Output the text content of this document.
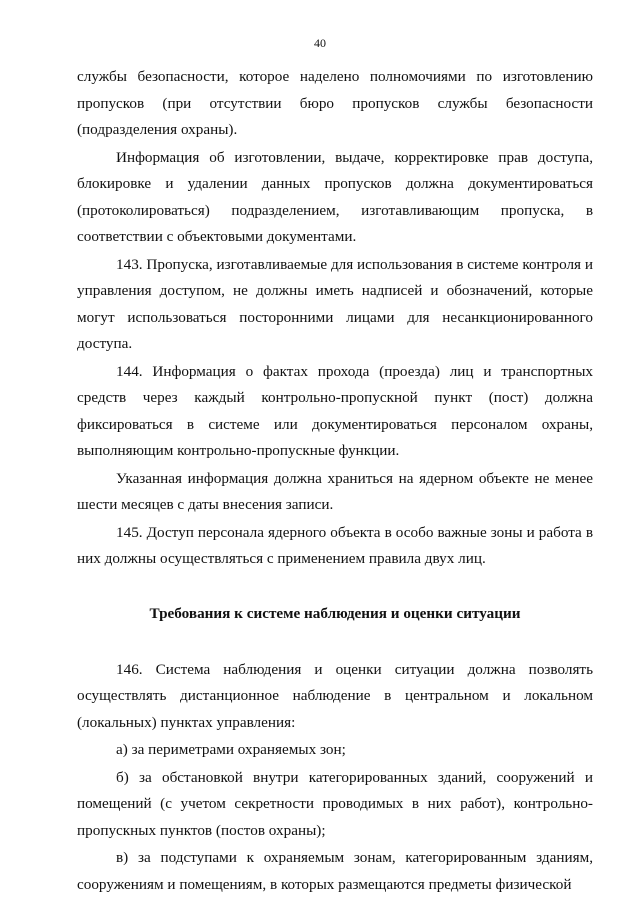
40

службы безопасности, которое наделено полномочиями по изготовлению пропусков (при отсутствии бюро пропусков службы безопасности (подразделения охраны).

Информация об изготовлении, выдаче, корректировке прав доступа, блокировке и удалении данных пропусков должна документироваться (протоколироваться) подразделением, изготавливающим пропуска, в соответствии с объектовыми документами.

143. Пропуска, изготавливаемые для использования в системе контроля и управления доступом, не должны иметь надписей и обозначений, которые могут использоваться посторонними лицами для несанкционированного доступа.

144. Информация о фактах прохода (проезда) лиц и транспортных средств через каждый контрольно-пропускной пункт (пост) должна фиксироваться в системе или документироваться персоналом охраны, выполняющим контрольно-пропускные функции.

Указанная информация должна храниться на ядерном объекте не менее шести месяцев с даты внесения записи.

145. Доступ персонала ядерного объекта в особо важные зоны и работа в них должны осуществляться с применением правила двух лиц.

Требования к системе наблюдения и оценки ситуации

146. Система наблюдения и оценки ситуации должна позволять осуществлять дистанционное наблюдение в центральном и локальном (локальных) пунктах управления:

а) за периметрами охраняемых зон;

б) за обстановкой внутри категорированных зданий, сооружений и помещений (с учетом секретности проводимых в них работ), контрольно-пропускных пунктов (постов охраны);

в) за подступами к охраняемым зонам, категорированным зданиям, сооружениям и помещениям, в которых размещаются предметы физической
